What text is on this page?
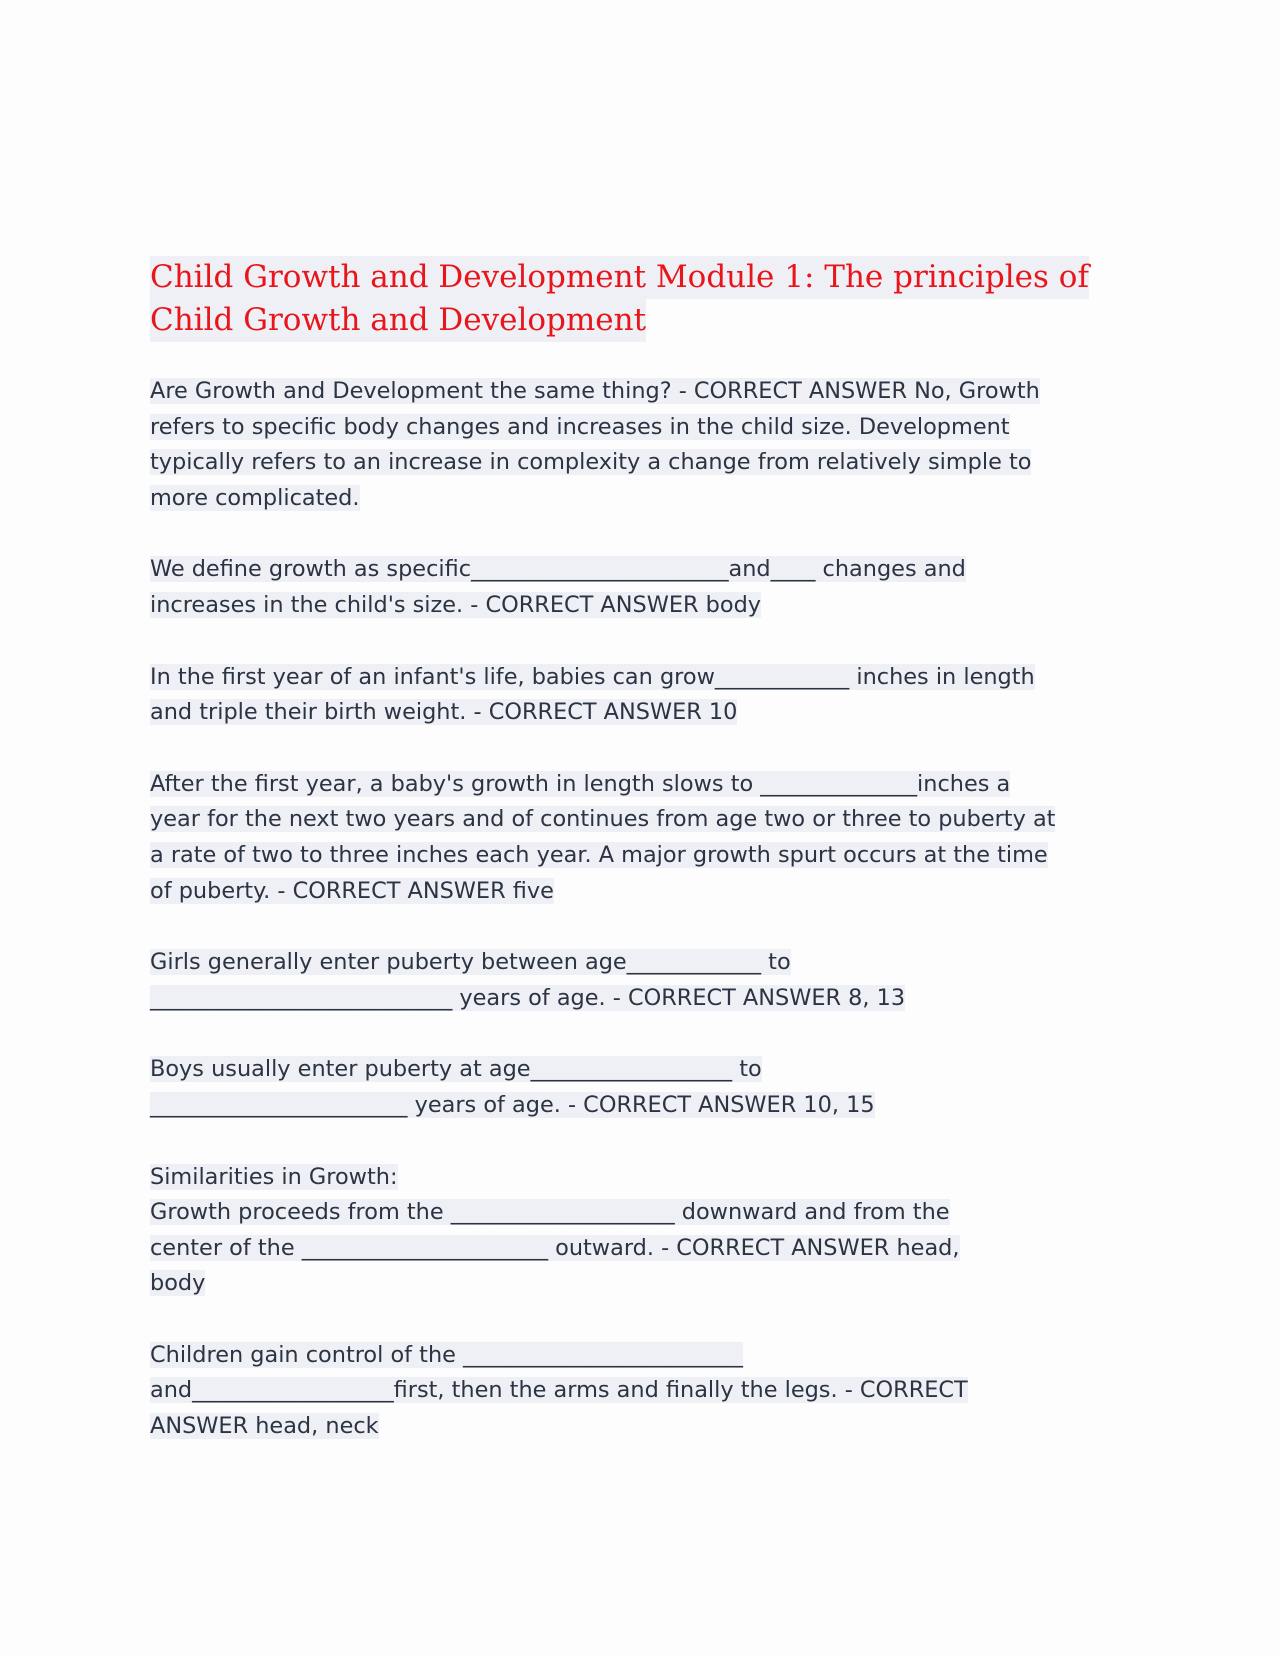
Child Growth and Development Module 1: The principles of
Child Growth and Development

Are Growth and Development the same thing? - CORRECT ANSWER No, Growth
refers to specific body changes and increases in the child size. Development
typically refers to an increase in complexity a change from relatively simple to
more complicated.

We define growth as specific_______________________and____ changes and
increases in the child's size. - CORRECT ANSWER body

In the first year of an infant's life, babies can grow____________ inches in length
and triple their birth weight. - CORRECT ANSWER 10

After the first year, a baby's growth in length slows to ______________inches a
year for the next two years and of continues from age two or three to puberty at
a rate of two to three inches each year. A major growth spurt occurs at the time
of puberty. - CORRECT ANSWER five

Girls generally enter puberty between age____________ to
___________________________ years of age. - CORRECT ANSWER 8, 13

Boys usually enter puberty at age__________________ to
_______________________ years of age. - CORRECT ANSWER 10, 15

Similarities in Growth:
Growth proceeds from the ____________________ downward and from the
center of the ______________________ outward. - CORRECT ANSWER head,
body

Children gain control of the _________________________
and__________________first, then the arms and finally the legs. - CORRECT
ANSWER head, neck
